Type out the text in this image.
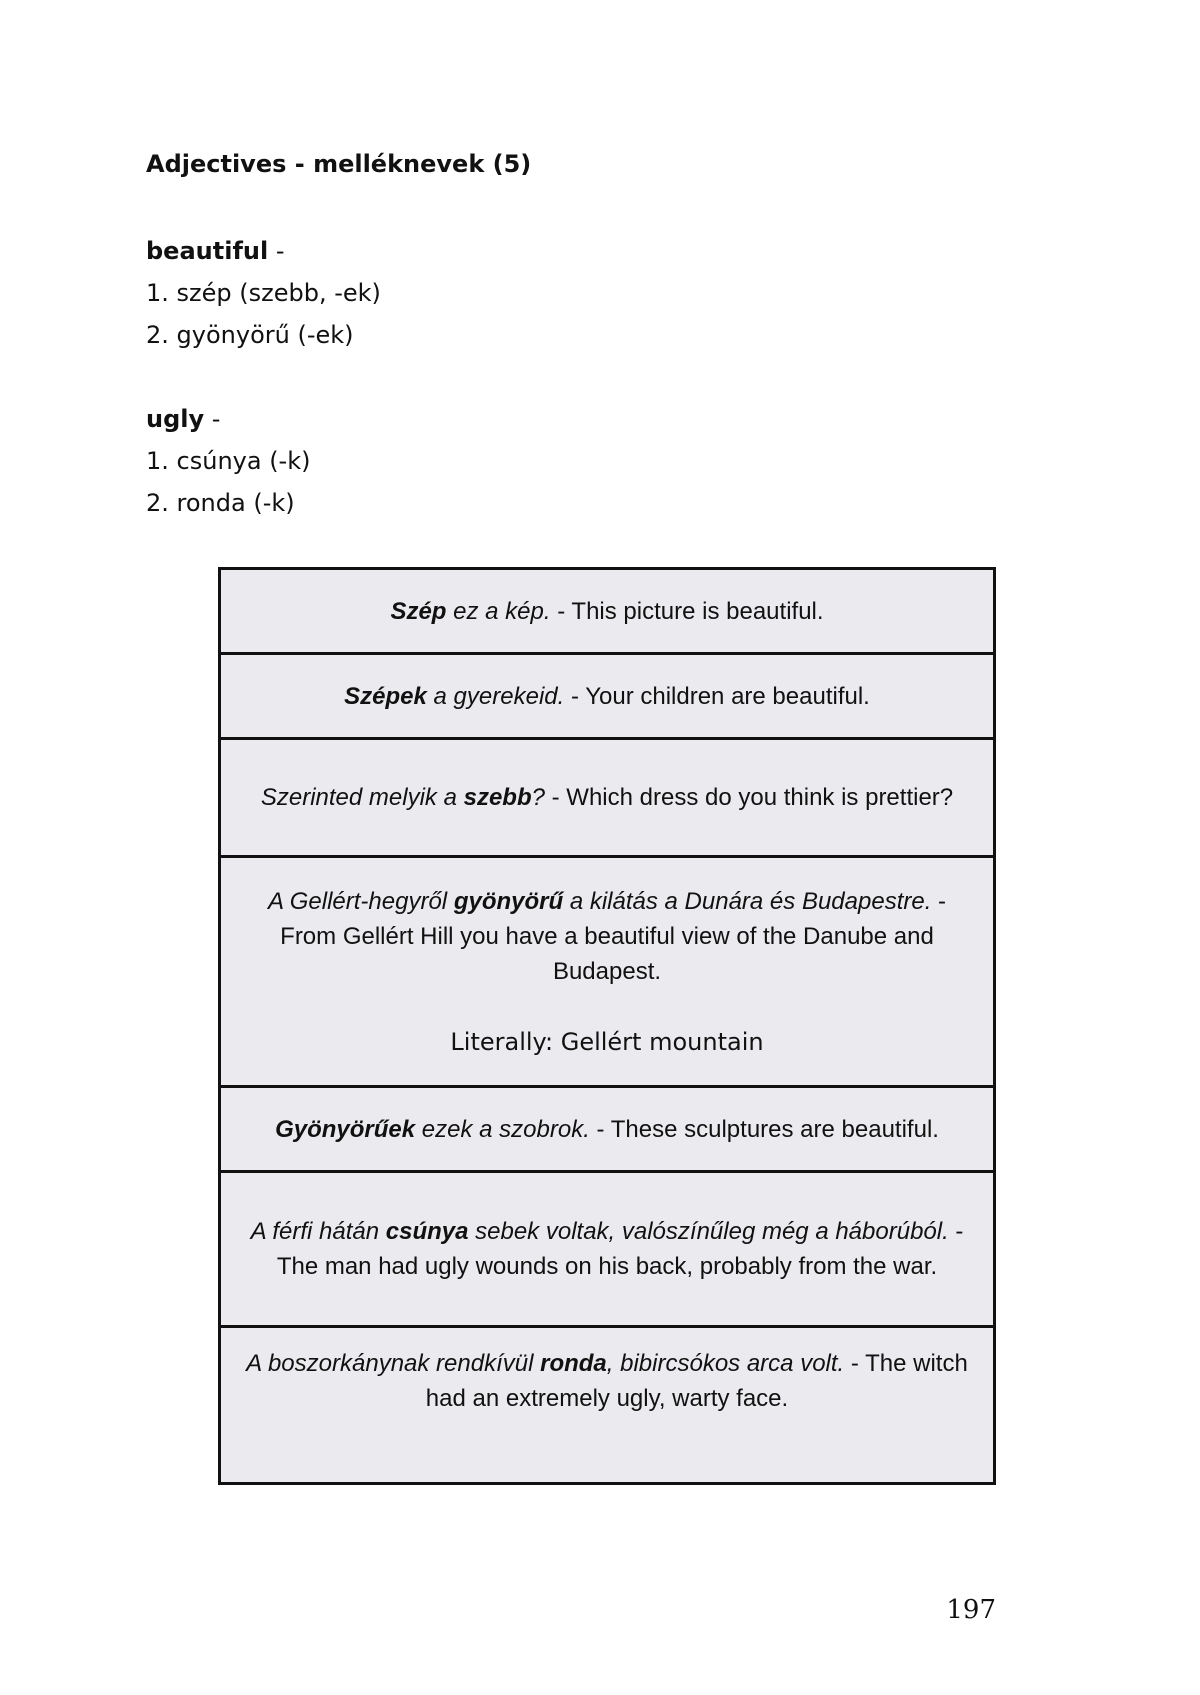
Adjectives - melléknevek (5)
beautiful -
1. szép (szebb, -ek)
2. gyönyörű (-ek)
ugly -
1. csúnya (-k)
2. ronda (-k)
Szép ez a kép. - This picture is beautiful.
Szépek a gyerekeid. - Your children are beautiful.
Szerinted melyik a szebb? - Which dress do you think is prettier?
A Gellért-hegyről gyönyörű a kilátás a Dunára és Budapestre. - From Gellért Hill you have a beautiful view of the Danube and Budapest.
Literally: Gellért mountain
Gyönyörűek ezek a szobrok. - These sculptures are beautiful.
A férfi hátán csúnya sebek voltak, valószínűleg még a háborúból. - The man had ugly wounds on his back, probably from the war.
A boszorkánynak rendkívül ronda, bibircsókos arca volt. - The witch had an extremely ugly, warty face.
197
